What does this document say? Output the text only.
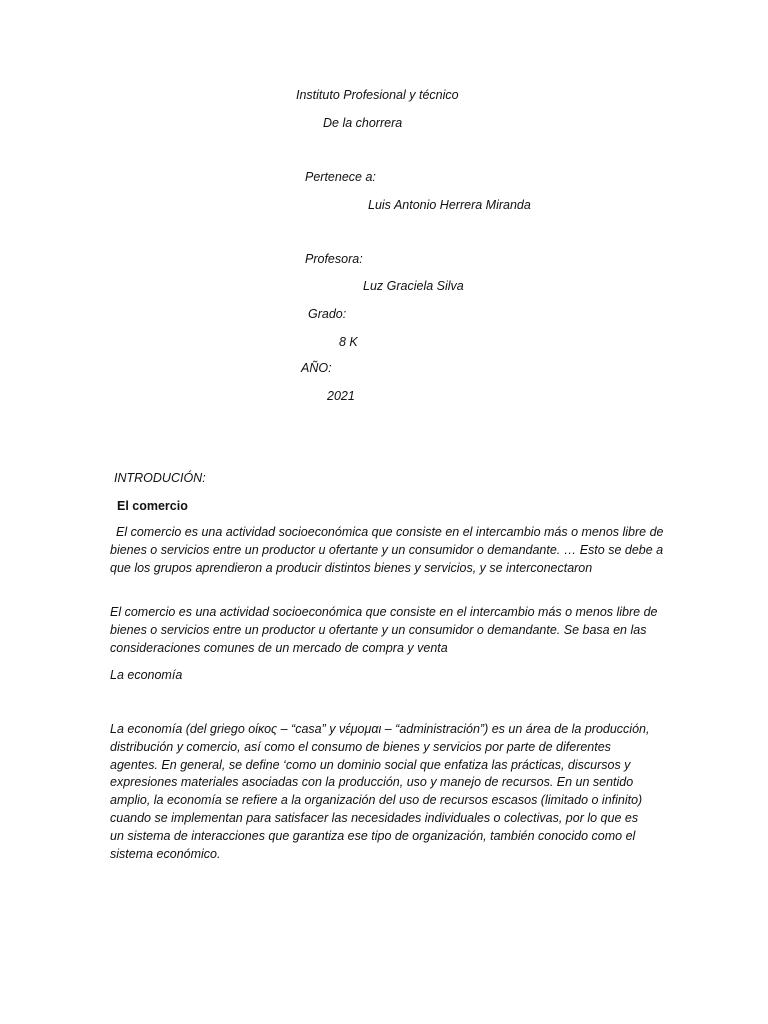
Instituto Profesional y técnico
De la chorrera
Pertenece a:
Luis Antonio Herrera Miranda
Profesora:
Luz Graciela Silva
Grado:
8 K
AÑO:
2021
INTRODUCIÓN:
El comercio

El comercio es una actividad socioeconómica que consiste en el intercambio más o menos libre de bienes o servicios entre un productor u ofertante y un consumidor o demandante. … Esto se debe a que los grupos aprendieron a producir distintos bienes y servicios, y se interconectaron

El comercio es una actividad socioeconómica que consiste en el intercambio más o menos libre de bienes o servicios entre un productor u ofertante y un consumidor o demandante. Se basa en las consideraciones comunes de un mercado de compra y venta

La economía

La economía (del griego οίκος – “casa” y νέμομαι – “administración”) es un área de la producción, distribución y comercio, así como el consumo de bienes y servicios por parte de diferentes agentes. En general, se define ‘como un dominio social que enfatiza las prácticas, discursos y expresiones materiales asociadas con la producción, uso y manejo de recursos. En un sentido amplio, la economía se refiere a la organización del uso de recursos escasos (limitado o infinito) cuando se implementan para satisfacer las necesidades individuales o colectivas, por lo que es un sistema de interacciones que garantiza ese tipo de organización, también conocido como el sistema económico.
